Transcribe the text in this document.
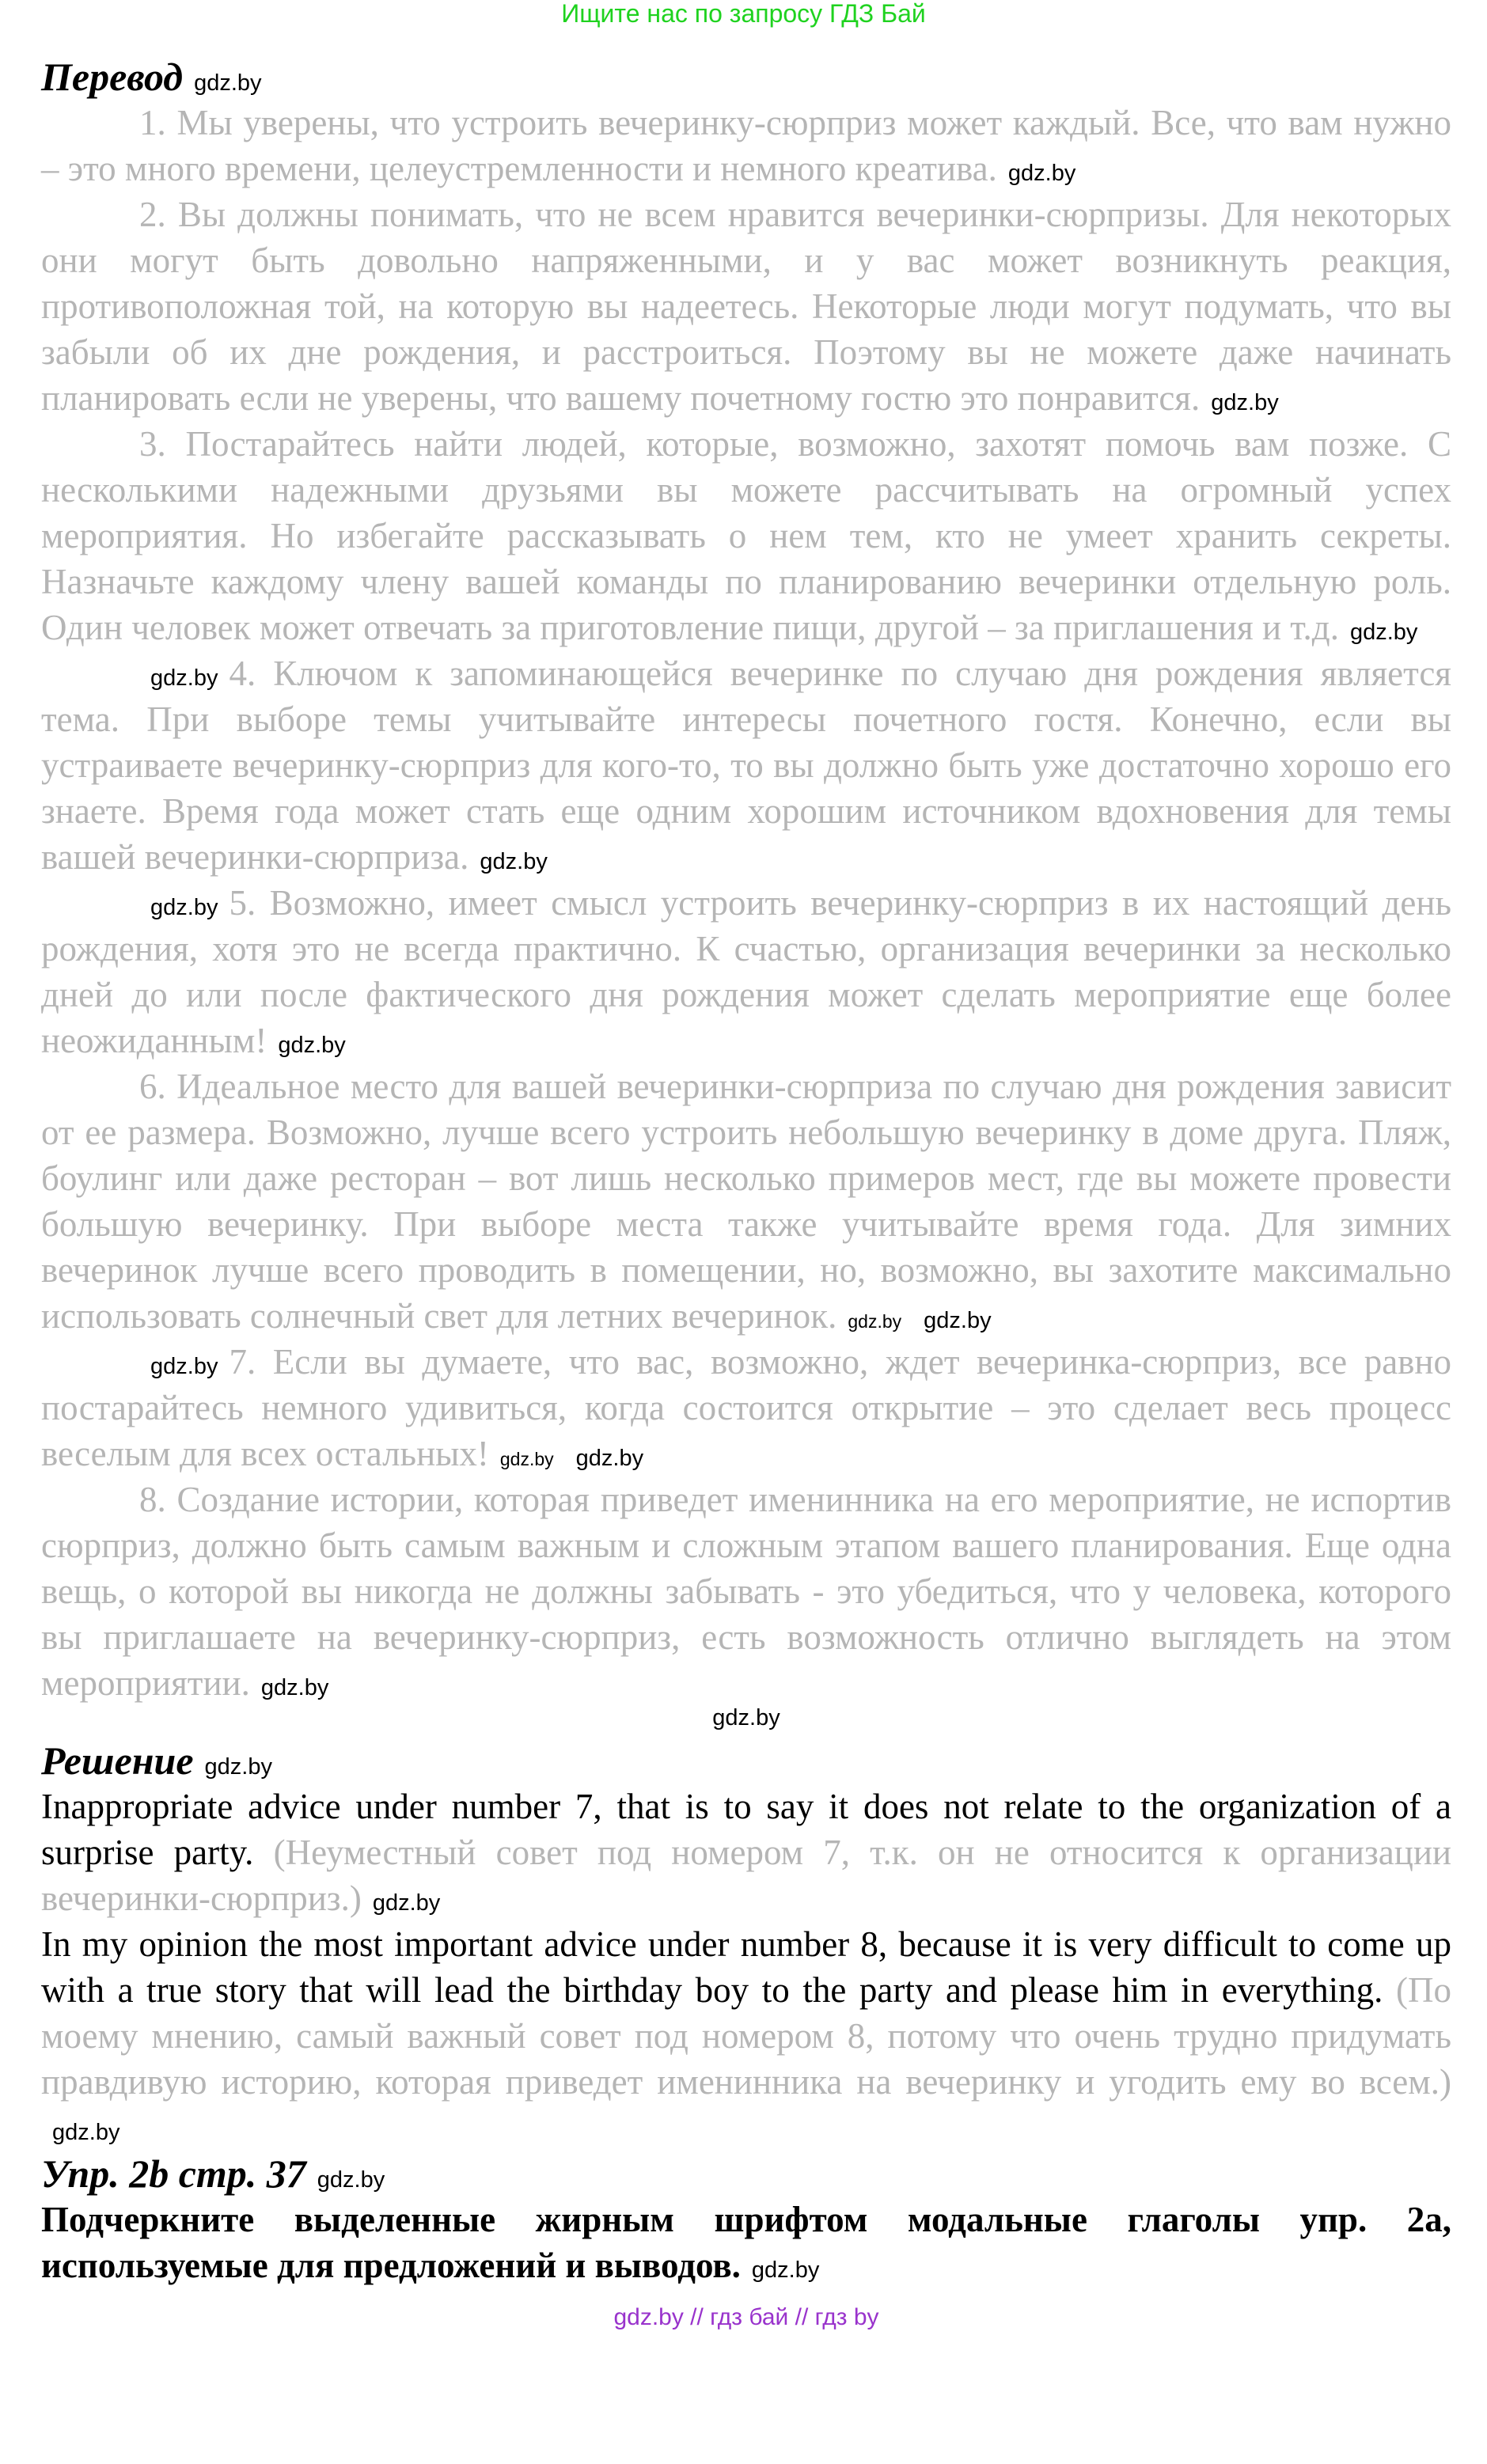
Ищите нас по запросу ГДЗ Бай
Перевод gdz.by

1. Мы уверены, что устроить вечеринку-сюрприз может каждый. Все, что вам нужно – это много времени, целеустремленности и немного креатива. gdz.by

2. Вы должны понимать, что не всем нравится вечеринки-сюрпризы. Для некоторых они могут быть довольно напряженными, и у вас может возникнуть реакция, противоположная той, на которую вы надеетесь. Некоторые люди могут подумать, что вы забыли об их дне рождения, и расстроиться. Поэтому вы не можете даже начинать планировать если не уверены, что вашему почетному гостю это понравится. gdz.by

3. Постарайтесь найти людей, которые, возможно, захотят помочь вам позже. С несколькими надежными друзьями вы можете рассчитывать на огромный успех мероприятия. Но избегайте рассказывать о нем тем, кто не умеет хранить секреты. Назначьте каждому члену вашей команды по планированию вечеринки отдельную роль. Один человек может отвечать за приготовление пищи, другой – за приглашения и т.д. gdz.by

gdz.by 4. Ключом к запоминающейся вечеринке по случаю дня рождения является тема. При выборе темы учитывайте интересы почетного гостя. Конечно, если вы устраиваете вечеринку-сюрприз для кого-то, то вы должно быть уже достаточно хорошо его знаете. Время года может стать еще одним хорошим источником вдохновения для темы вашей вечеринки-сюрприза. gdz.by

gdz.by 5. Возможно, имеет смысл устроить вечеринку-сюрприз в их настоящий день рождения, хотя это не всегда практично. К счастью, организация вечеринки за несколько дней до или после фактического дня рождения может сделать мероприятие еще более неожиданным! gdz.by

6. Идеальное место для вашей вечеринки-сюрприза по случаю дня рождения зависит от ее размера. Возможно, лучше всего устроить небольшую вечеринку в доме друга. Пляж, боулинг или даже ресторан – вот лишь несколько примеров мест, где вы можете провести большую вечеринку. При выборе места также учитывайте время года. Для зимних вечеринок лучше всего проводить в помещении, но, возможно, вы захотите максимально использовать солнечный свет для летних вечеринок. gdz.by gdz.by

gdz.by 7. Если вы думаете, что вас, возможно, ждет вечеринка-сюрприз, все равно постарайтесь немного удивиться, когда состоится открытие – это сделает весь процесс веселым для всех остальных! gdz.by gdz.by

8. Создание истории, которая приведет именинника на его мероприятие, не испортив сюрприз, должно быть самым важным и сложным этапом вашего планирования. Еще одна вещь, о которой вы никогда не должны забывать - это убедиться, что у человека, которого вы приглашаете на вечеринку-сюрприз, есть возможность отлично выглядеть на этом мероприятии. gdz.by

gdz.by
Решение gdz.by

Inappropriate advice under number 7, that is to say it does not relate to the organization of a surprise party. (Неуместный совет под номером 7, т.к. он не относится к организации вечеринки-сюрприз.) gdz.by

In my opinion the most important advice under number 8, because it is very difficult to come up with a true story that will lead the birthday boy to the party and please him in everything. (По моему мнению, самый важный совет под номером 8, потому что очень трудно придумать правдивую историю, которая приведет именинника на вечеринку и угодить ему во всем.)gdz.by

Упр. 2b стр. 37 gdz.by
Подчеркните выделенные жирным шрифтом модальные глаголы упр. 2a, используемые для предложений и выводов. gdz.by
gdz.by // гдз бай // гдз by
